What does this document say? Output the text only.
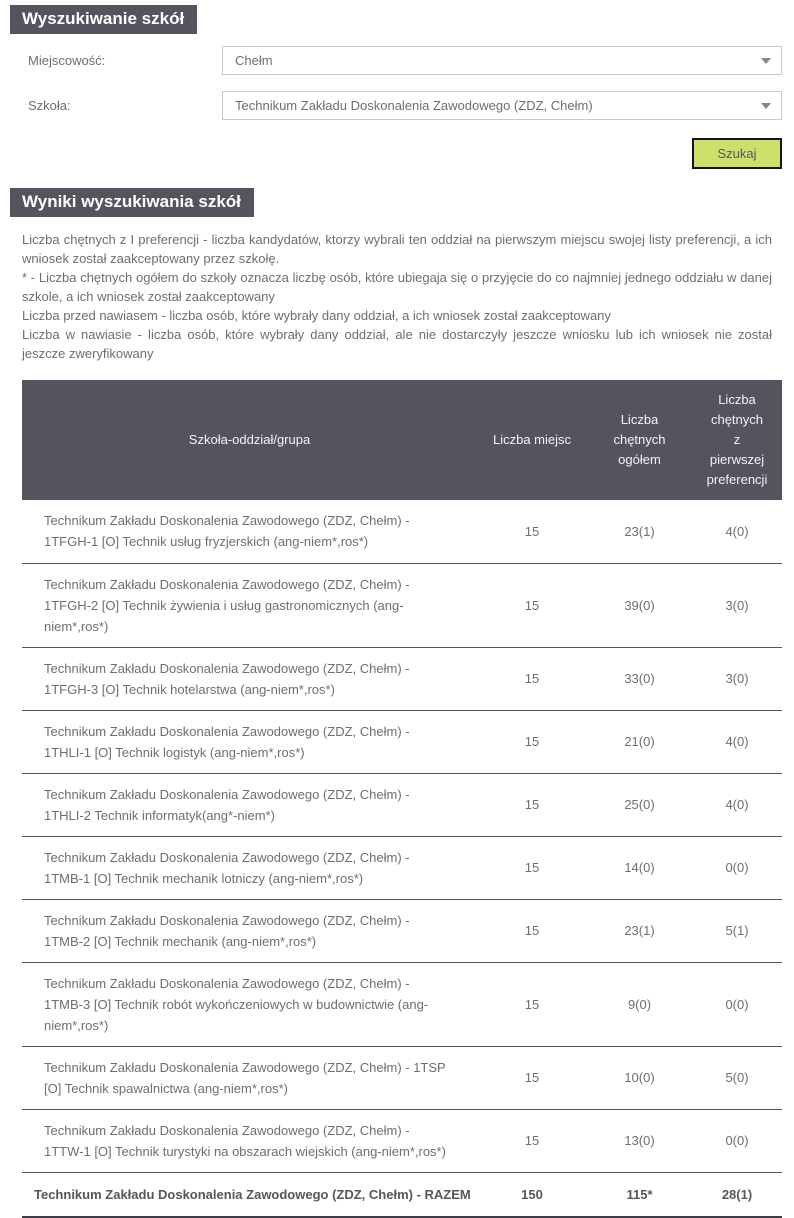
Wyszukiwanie szkół
Miejscowość:	Chełm
Szkoła:	Technikum Zakładu Doskonalenia Zawodowego (ZDZ, Chełm)
Szukaj
Wyniki wyszukiwania szkół

Liczba chętnych z I preferencji - liczba kandydatów, ktorzy wybrali ten oddział na pierwszym miejscu swojej listy preferencji, a ich wniosek został zaakceptowany przez szkołę.

* - Liczba chętnych ogółem do szkoły oznacza liczbę osób, które ubiegaja się o przyjęcie do co najmniej jednego oddziału w danej szkole, a ich wniosek został zaakceptowany

Liczba przed nawiasem - liczba osób, które wybrały dany oddział, a ich wniosek został zaakceptowany

Liczba w nawiasie - liczba osób, które wybrały dany oddział, ale nie dostarczyły jeszcze wniosku lub ich wniosek nie został jeszcze zweryfikowany

Szkoła-oddział/grupa	Liczba miejsc	Liczba chętnych ogółem	Liczba chętnych z pierwszej preferencji
Technikum Zakładu Doskonalenia Zawodowego (ZDZ, Chełm) - 1TFGH-1 [O] Technik usług fryzjerskich (ang-niem*,ros*)	15	23(1)	4(0)
Technikum Zakładu Doskonalenia Zawodowego (ZDZ, Chełm) - 1TFGH-2 [O] Technik żywienia i usług gastronomicznych (ang-niem*,ros*)	15	39(0)	3(0)
Technikum Zakładu Doskonalenia Zawodowego (ZDZ, Chełm) - 1TFGH-3 [O] Technik hotelarstwa (ang-niem*,ros*)	15	33(0)	3(0)
Technikum Zakładu Doskonalenia Zawodowego (ZDZ, Chełm) - 1THLI-1 [O] Technik logistyk (ang-niem*,ros*)	15	21(0)	4(0)
Technikum Zakładu Doskonalenia Zawodowego (ZDZ, Chełm) - 1THLI-2 Technik informatyk(ang*-niem*)	15	25(0)	4(0)
Technikum Zakładu Doskonalenia Zawodowego (ZDZ, Chełm) - 1TMB-1 [O] Technik mechanik lotniczy (ang-niem*,ros*)	15	14(0)	0(0)
Technikum Zakładu Doskonalenia Zawodowego (ZDZ, Chełm) - 1TMB-2 [O] Technik mechanik (ang-niem*,ros*)	15	23(1)	5(1)
Technikum Zakładu Doskonalenia Zawodowego (ZDZ, Chełm) - 1TMB-3 [O] Technik robót wykończeniowych w budownictwie (ang-niem*,ros*)	15	9(0)	0(0)
Technikum Zakładu Doskonalenia Zawodowego (ZDZ, Chełm) - 1TSP [O] Technik spawalnictwa (ang-niem*,ros*)	15	10(0)	5(0)
Technikum Zakładu Doskonalenia Zawodowego (ZDZ, Chełm) - 1TTW-1 [O] Technik turystyki na obszarach wiejskich (ang-niem*,ros*)	15	13(0)	0(0)
Technikum Zakładu Doskonalenia Zawodowego (ZDZ, Chełm) - RAZEM	150	115*	28(1)
